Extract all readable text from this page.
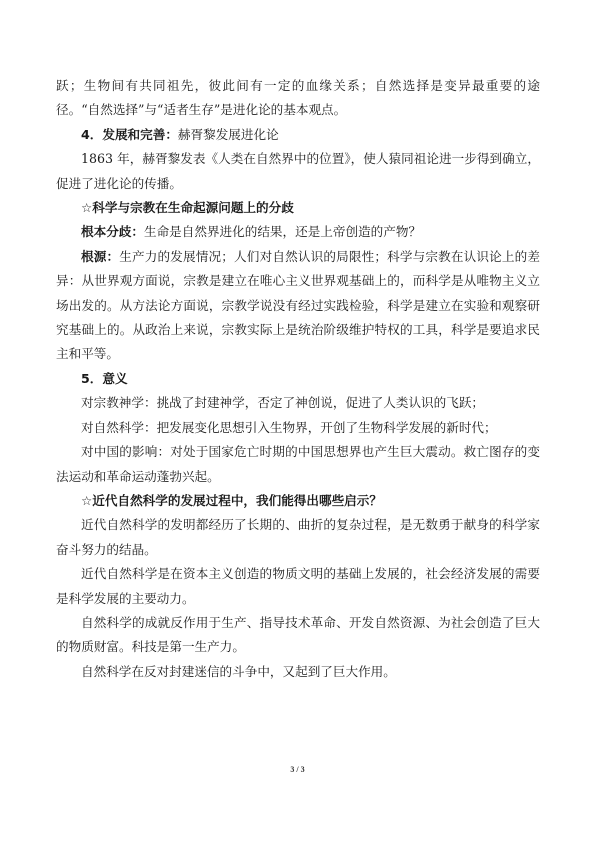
跃；生物间有共同祖先，彼此间有一定的血缘关系；自然选择是变异最重要的途径。“自然选择”与“适者生存”是进化论的基本观点。

4．发展和完善：赫胥黎发展进化论

1863 年，赫胥黎发表《人类在自然界中的位置》，使人猿同祖论进一步得到确立，促进了进化论的传播。

☆科学与宗教在生命起源问题上的分歧

根本分歧：生命是自然界进化的结果，还是上帝创造的产物？

根源：生产力的发展情况；人们对自然认识的局限性；科学与宗教在认识论上的差异：从世界观方面说，宗教是建立在唯心主义世界观基础上的，而科学是从唯物主义立场出发的。从方法论方面说，宗教学说没有经过实践检验，科学是建立在实验和观察研究基础上的。从政治上来说，宗教实际上是统治阶级维护特权的工具，科学是要追求民主和平等。

5．意义

对宗教神学：挑战了封建神学，否定了神创说，促进了人类认识的飞跃；

对自然科学：把发展变化思想引入生物界，开创了生物科学发展的新时代；

对中国的影响：对处于国家危亡时期的中国思想界也产生巨大震动。救亡图存的变法运动和革命运动蓬勃兴起。

☆近代自然科学的发展过程中，我们能得出哪些启示？

近代自然科学的发明都经历了长期的、曲折的复杂过程，是无数勇于献身的科学家奋斗努力的结晶。

近代自然科学是在资本主义创造的物质文明的基础上发展的，社会经济发展的需要是科学发展的主要动力。

自然科学的成就反作用于生产、指导技术革命、开发自然资源、为社会创造了巨大的物质财富。科技是第一生产力。

自然科学在反对封建迷信的斗争中，又起到了巨大作用。

3 / 3
